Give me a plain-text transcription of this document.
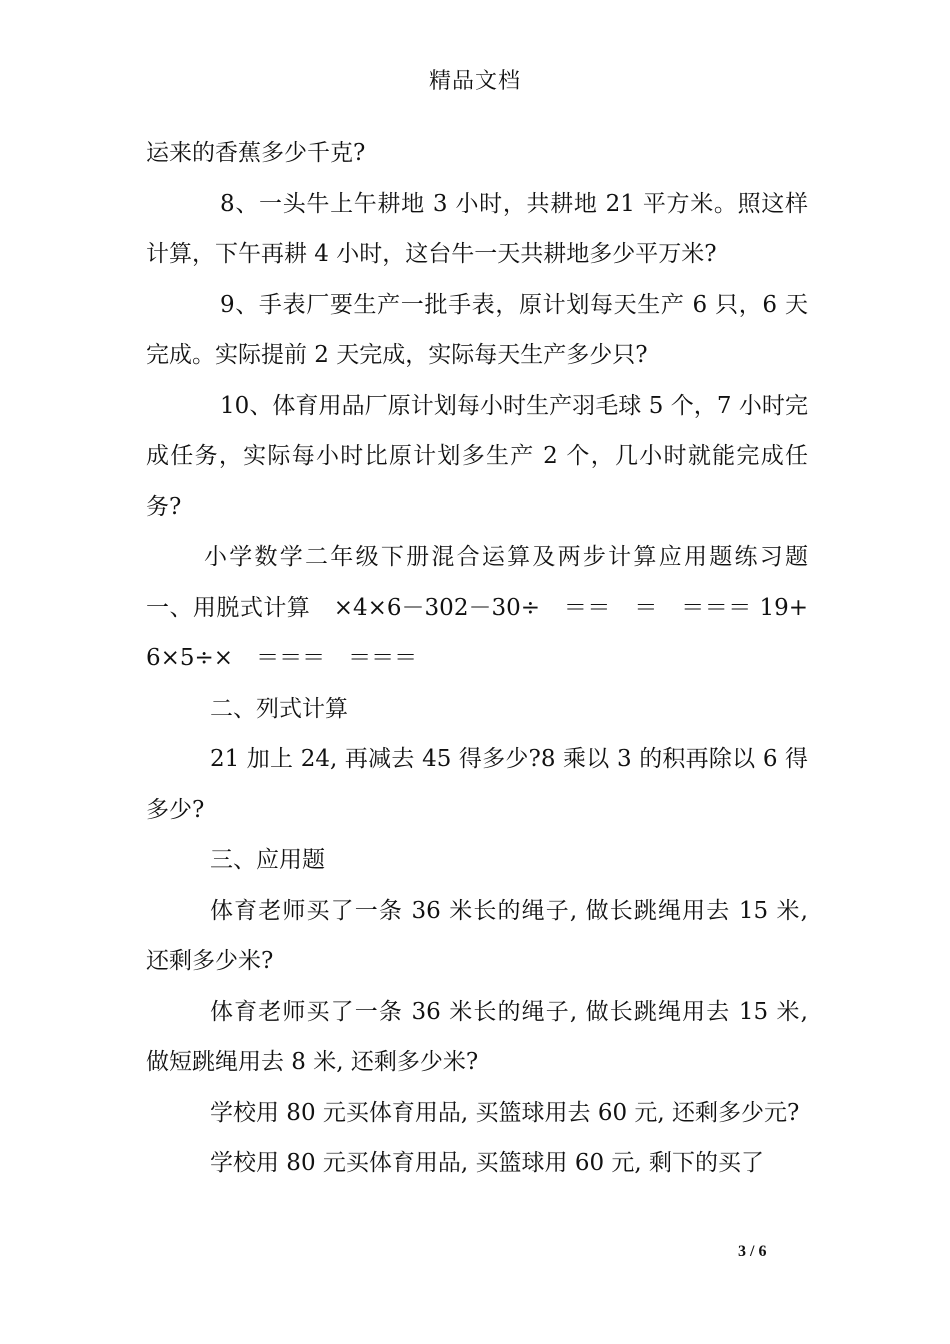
精品文档

运来的香蕉多少千克?

8、一头牛上午耕地 3 小时，共耕地 21 平方米。照这样计算，下午再耕 4 小时，这台牛一天共耕地多少平万米?

9、手表厂要生产一批手表，原计划每天生产 6 只，6 天完成。实际提前 2 天完成，实际每天生产多少只?

10、体育用品厂原计划每小时生产羽毛球 5 个，7 小时完成任务，实际每小时比原计划多生产 2 个，几小时就能完成任务?

小学数学二年级下册混合运算及两步计算应用题练习题　一、用脱式计算　×4×6－302－30÷　＝＝　＝　＝＝＝ 19+6×5÷×　＝＝＝　＝＝＝

二、列式计算

21 加上 24, 再减去 45 得多少?8 乘以 3 的积再除以 6 得多少?

三、应用题

体育老师买了一条 36 米长的绳子, 做长跳绳用去 15 米, 还剩多少米?

体育老师买了一条 36 米长的绳子, 做长跳绳用去 15 米, 做短跳绳用去 8 米, 还剩多少米?

学校用 80 元买体育用品, 买篮球用去 60 元, 还剩多少元?

学校用 80 元买体育用品, 买篮球用 60 元, 剩下的买了

3 / 6
